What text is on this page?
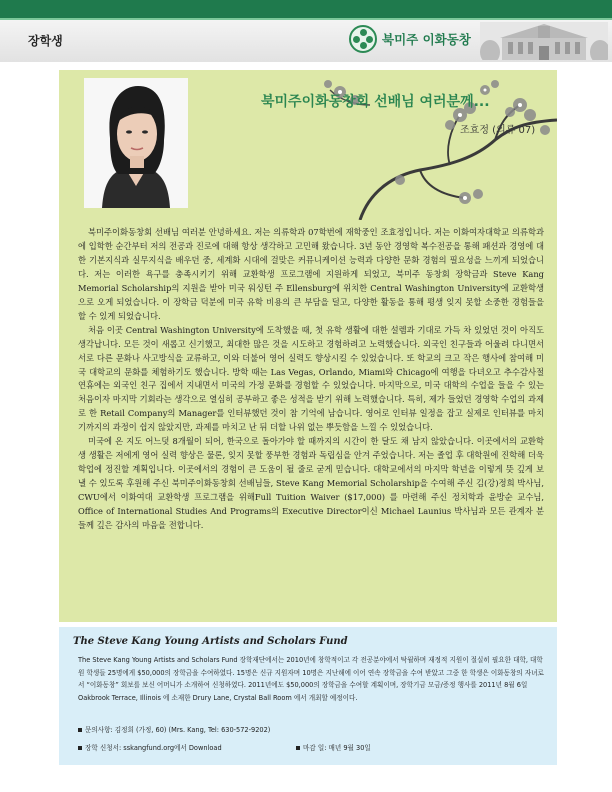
장학생	북미주 이화동창
북미주이화동창회 선배님 여러분께...
조효정 (의류 07)

북미주이화동창회 선배님 여러분 안녕하세요. 저는 의류학과 07학번에 재학중인 조효정입니다. 저는 이화여자대학교 의류학과에 입학한 순간부터 저의 전공과 진로에 대해 항상 생각하고 고민해 왔습니다. 3년 동안 경영학 복수전공을 통해 패션과 경영에 대한 기본지식과 실무지식을 배우던 중, 세계화 시대에 걸맞은 커뮤니케이션 능력과 다양한 문화 경험의 필요성을 느끼게 되었습니다. 저는 이러한 욕구를 충족시키기 위해 교환학생 프로그램에 지원하게 되었고, 북미주 동창회 장학금과 Steve Kang Memorial Scholarship의 지원을 받아 미국 워싱턴 주 Ellensburg에 위치한 Central Washington University에 교환학생으로 오게 되었습니다. 이 장학금 덕분에 미국 유학 비용의 큰 부담을 덜고, 다양한 활동을 통해 평생 잊지 못할 소중한 경험들을 할 수 있게 되었습니다.

처음 이곳 Central Washington University에 도착했을 때, 첫 유학 생활에 대한 설렘과 기대로 가득 차 있었던 것이 아직도 생각납니다. 모든 것이 새롭고 신기했고, 최대한 많은 것을 시도하고 경험하려고 노력했습니다. 외국인 친구들과 어울려 다니면서 서로 다른 문화나 사고방식을 교류하고, 이와 더불어 영어 실력도 향상시킬 수 있었습니다. 또 학교의 크고 작은 행사에 참여해 미국 대학교의 문화를 체험하기도 했습니다. 방학 때는 Las Vegas, Orlando, Miami와 Chicago에 여행을 다녀오고 추수감사절 연휴에는 외국인 친구 집에서 지내면서 미국의 가정 문화를 경험할 수 있었습니다. 마지막으로, 미국 대학의 수업을 들을 수 있는 처음이자 마지막 기회라는 생각으로 열심히 공부하고 좋은 성적을 받기 위해 노력했습니다. 특히, 제가 들었던 경영학 수업의 과제로 한 Retail Company의 Manager를 인터뷰했던 것이 참 기억에 남습니다. 영어로 인터뷰 일정을 잡고 실제로 인터뷰를 마치기까지의 과정이 쉽지 않았지만, 과제를 마치고 난 뒤 더할 나위 없는 뿌듯함을 느낄 수 있었습니다.

미국에 온 지도 어느덧 8개월이 되어, 한국으로 돌아가야 할 때까지의 시간이 한 달도 채 남지 않았습니다. 이곳에서의 교환학생 생활은 저에게 영어 실력 향상은 물론, 잊지 못할 풍부한 경험과 독립심을 안겨 주었습니다. 저는 졸업 후 대학원에 진학해 더욱 학업에 정진할 계획입니다. 이곳에서의 경험이 큰 도움이 될 줄로 굳게 믿습니다. 대학교에서의 마지막 학년을 이렇게 뜻 깊게 보낼 수 있도록 후원해 주신 북미주이화동창회 선배님들, Steve Kang Memorial Scholarship을 수여해 주신 김(강)정희 박사님, CWU에서 이화여대 교환학생 프로그램을 위해Full Tuition Waiver ($17,000) 를 마련해 주신 정치학과 윤방순 교수님, Office of International Studies And Programs의 Executive Director이신 Michael Launius 박사님과 모든 관계자 분들께 깊은 감사의 마음을 전합니다.

The Steve Kang Young Artists and Scholars Fund
The Steve Kang Young Artists and Scholars Fund 장학재단에서는 2010년에 창학적이고 각 전공분야에서 탁월하며 재정적 지원이 절실히 필요한 대학, 대학원 학생들 25명에게 $50,000의 장학금을 수여하였다. 15명은 신규 지원자며 10명은 지난해에 이어 연속 장학금을 수여 받았고 그중 한 학생은 이화동창의 자녀로서 “이화동창” 회보를 보신 어머니가 소개하여 신청하였다. 2011년에도 $50,000의 장학금을 수여할 계획이며, 장학기금 모금/증정 행사를 2011년 8월 6일 Oakbrook Terrace, Illinois 에 소재한 Drury Lane, Crystal Ball Room 에서 개최할 예정이다.
문의사항: 김정희 (가정, 60) (Mrs. Kang, Tel: 630-572-9202)
장학 신청서: sskangfund.org에서 Download	마감 일: 매년 9월 30일
